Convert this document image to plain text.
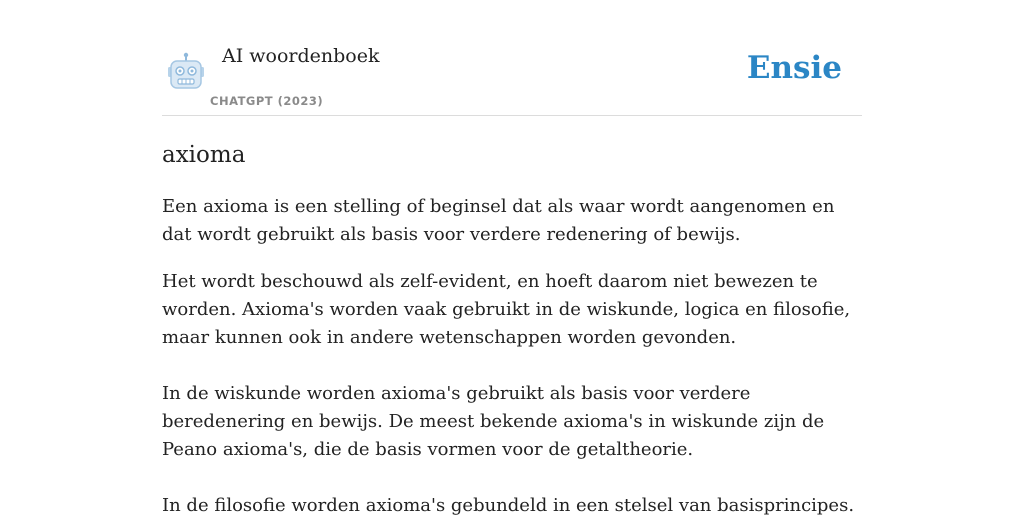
AI woordenboek
CHATGPT (2023)
Ensie
axioma
Een axioma is een stelling of beginsel dat als waar wordt aangenomen en dat wordt gebruikt als basis voor verdere redenering of bewijs.
Het wordt beschouwd als zelf-evident, en hoeft daarom niet bewezen te worden. Axioma's worden vaak gebruikt in de wiskunde, logica en filosofie, maar kunnen ook in andere wetenschappen worden gevonden.
In de wiskunde worden axioma's gebruikt als basis voor verdere beredenering en bewijs. De meest bekende axioma's in wiskunde zijn de Peano axioma's, die de basis vormen voor de getaltheorie.
In de filosofie worden axioma's gebundeld in een stelsel van basisprincipes.
